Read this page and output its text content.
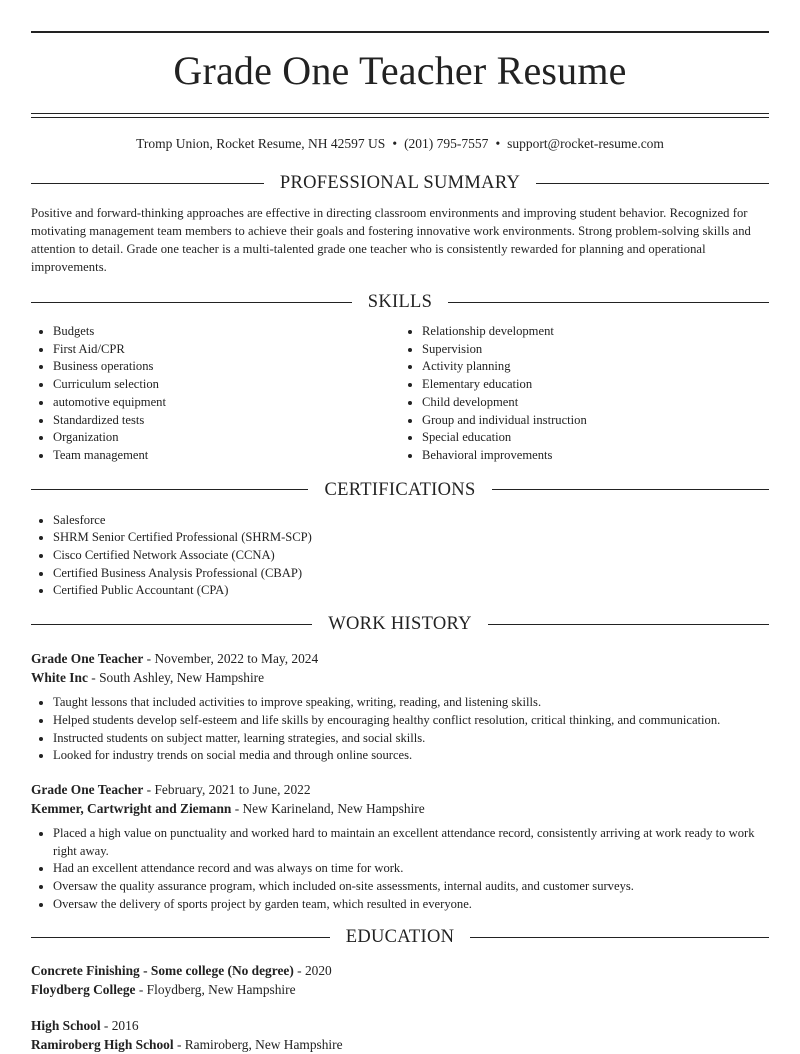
Grade One Teacher Resume
Tromp Union, Rocket Resume, NH 42597 US • (201) 795-7557 • support@rocket-resume.com
PROFESSIONAL SUMMARY
Positive and forward-thinking approaches are effective in directing classroom environments and improving student behavior. Recognized for motivating management team members to achieve their goals and fostering innovative work environments. Strong problem-solving skills and attention to detail. Grade one teacher is a multi-talented grade one teacher who is consistently rewarded for planning and operational improvements.
SKILLS
• Budgets
• First Aid/CPR
• Business operations
• Curriculum selection
• automotive equipment
• Standardized tests
• Organization
• Team management
• Relationship development
• Supervision
• Activity planning
• Elementary education
• Child development
• Group and individual instruction
• Special education
• Behavioral improvements
CERTIFICATIONS
• Salesforce
• SHRM Senior Certified Professional (SHRM-SCP)
• Cisco Certified Network Associate (CCNA)
• Certified Business Analysis Professional (CBAP)
• Certified Public Accountant (CPA)
WORK HISTORY
Grade One Teacher - November, 2022 to May, 2024
White Inc - South Ashley, New Hampshire
• Taught lessons that included activities to improve speaking, writing, reading, and listening skills.
• Helped students develop self-esteem and life skills by encouraging healthy conflict resolution, critical thinking, and communication.
• Instructed students on subject matter, learning strategies, and social skills.
• Looked for industry trends on social media and through online sources.
Grade One Teacher - February, 2021 to June, 2022
Kemmer, Cartwright and Ziemann - New Karineland, New Hampshire
• Placed a high value on punctuality and worked hard to maintain an excellent attendance record, consistently arriving at work ready to work right away.
• Had an excellent attendance record and was always on time for work.
• Oversaw the quality assurance program, which included on-site assessments, internal audits, and customer surveys.
• Oversaw the delivery of sports project by garden team, which resulted in everyone.
EDUCATION
Concrete Finishing - Some college (No degree) - 2020
Floydberg College - Floydberg, New Hampshire
High School - 2016
Ramiroberg High School - Ramiroberg, New Hampshire
